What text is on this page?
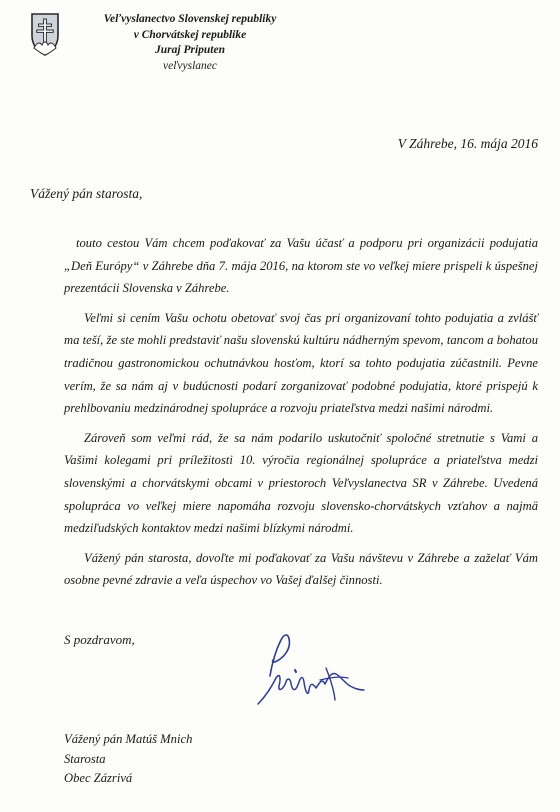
Veľvyslanectvo Slovenskej republiky
v Chorvátskej republike
Juraj Priputen
veľvyslanec
V Záhrebe, 16. mája 2016
Vážený pán starosta,

touto cestou Vám chcem poďakovať za Vašu účasť a podporu pri organizácii podujatia „Deň Európy“ v Záhrebe dňa 7. mája 2016, na ktorom ste vo veľkej miere prispeli k úspešnej prezentácii Slovenska v Záhrebe.

Veľmi si cením Vašu ochotu obetovať svoj čas pri organizovaní tohto podujatia a zvlášť ma teší, že ste mohli predstaviť našu slovenskú kultúru nádherným spevom, tancom a bohatou tradičnou gastronomickou ochutnávkou hosťom, ktorí sa tohto podujatia zúčastnili. Pevne verím, že sa nám aj v budúcnosti podarí zorganizovať podobné podujatia, ktoré prispejú k prehlbovaniu medzinárodnej spolupráce a rozvoju priateľstva medzi našimi národmi.

Zároveň som veľmi rád, že sa nám podarilo uskutočniť spoločné stretnutie s Vami a Vašimi kolegami pri príležitosti 10. výročia regionálnej spolupráce a priateľstva medzi slovenskými a chorvátskymi obcami v priestoroch Veľvyslanectva SR v Záhrebe. Uvedená spolupráca vo veľkej miere napomáha rozvoju slovensko-chorvátskych vzťahov a najmä medziľudských kontaktov medzi našimi blízkymi národmi.

Vážený pán starosta, dovoľte mi poďakovať za Vašu návštevu v Záhrebe a zaželať Vám osobne pevné zdravie a veľa úspechov vo Vašej ďalšej činnosti.

S pozdravom,
Vážený pán Matúš Mnich
Starosta
Obec Zázrivá
